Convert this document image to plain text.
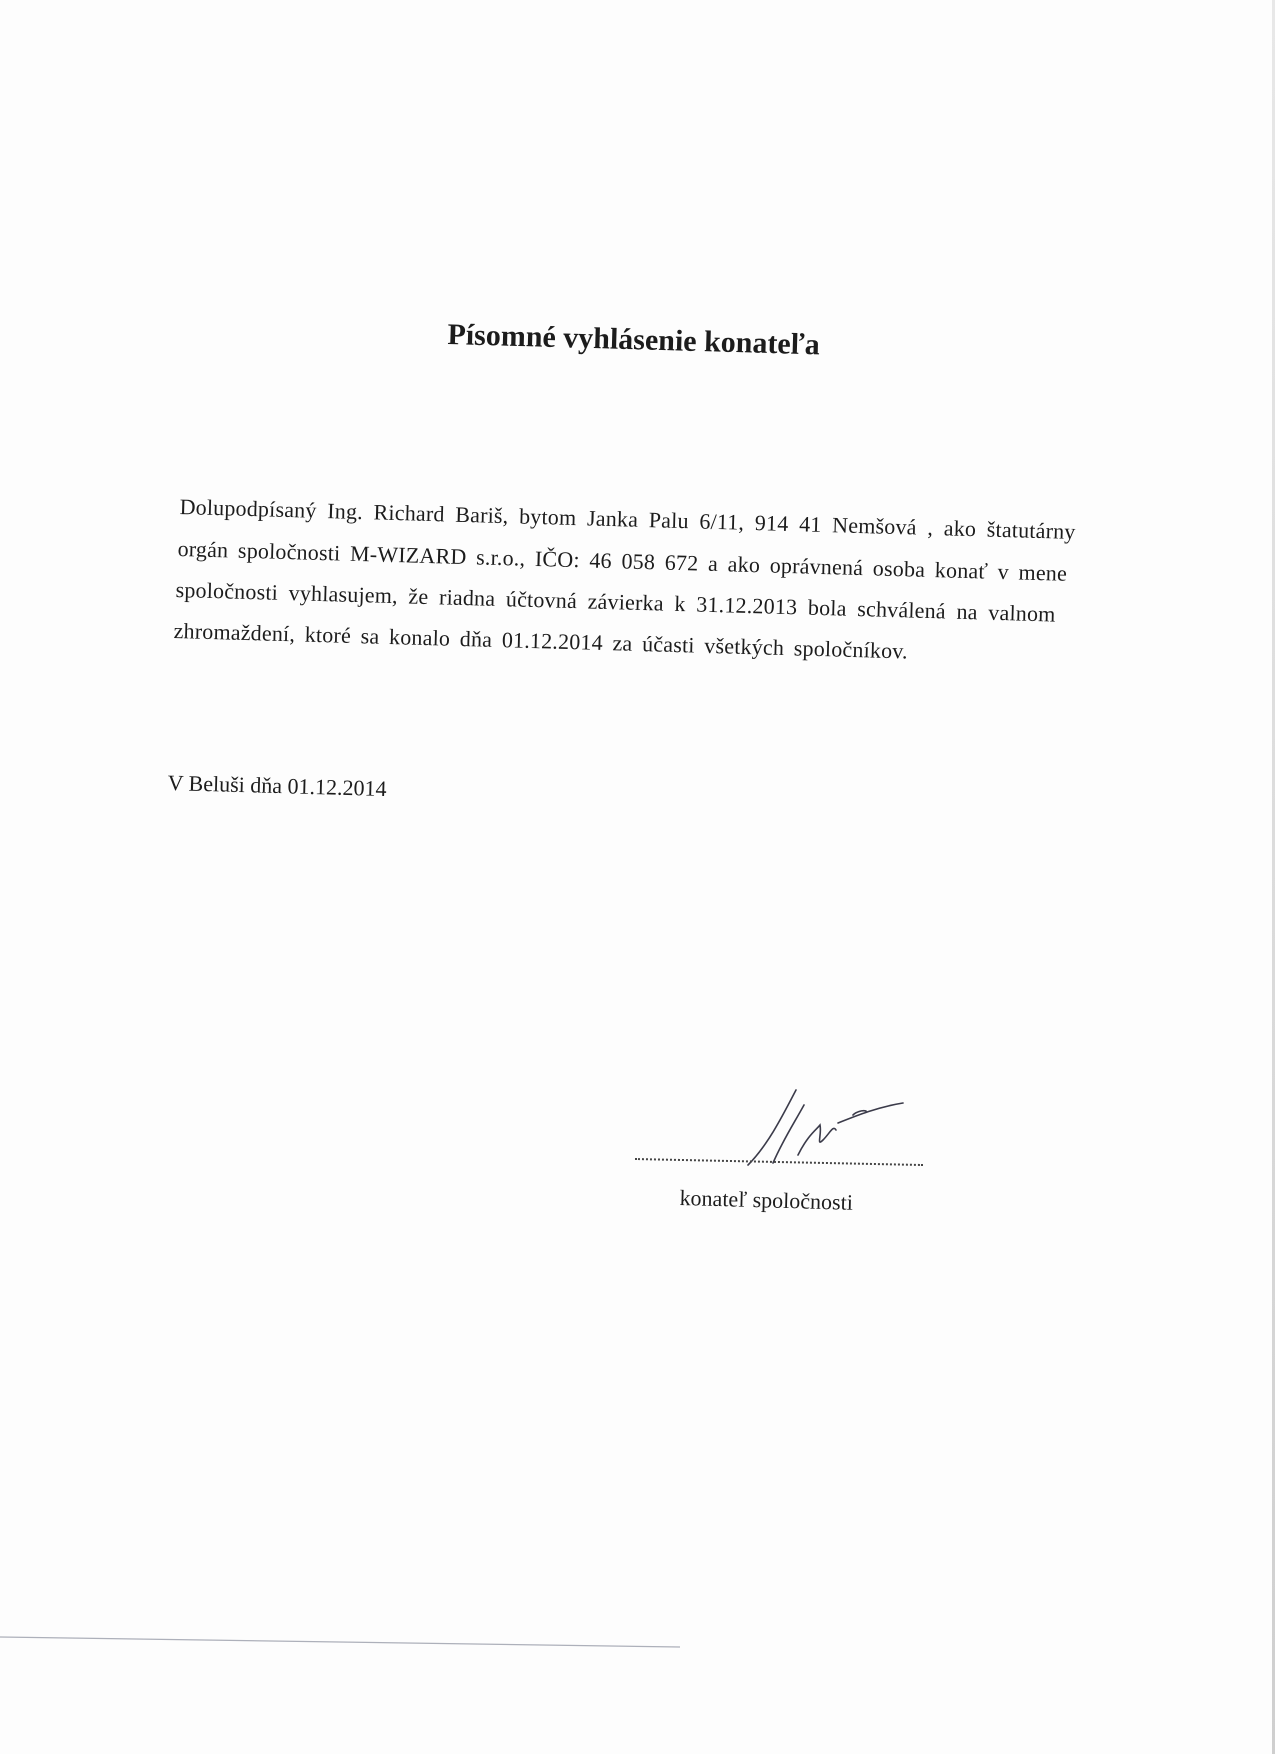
Písomné vyhlásenie konateľa
Dolupodpísaný Ing. Richard Bariš, bytom Janka Palu 6/11, 914 41 Nemšová , ako štatutárny
orgán spoločnosti M-WIZARD s.r.o., IČO: 46 058 672 a ako oprávnená osoba konať v mene
spoločnosti vyhlasujem, že riadna účtovná závierka k 31.12.2013 bola schválená na valnom
zhromaždení, ktoré sa konalo dňa 01.12.2014 za účasti všetkých spoločníkov.
V Beluši dňa 01.12.2014
konateľ spoločnosti
